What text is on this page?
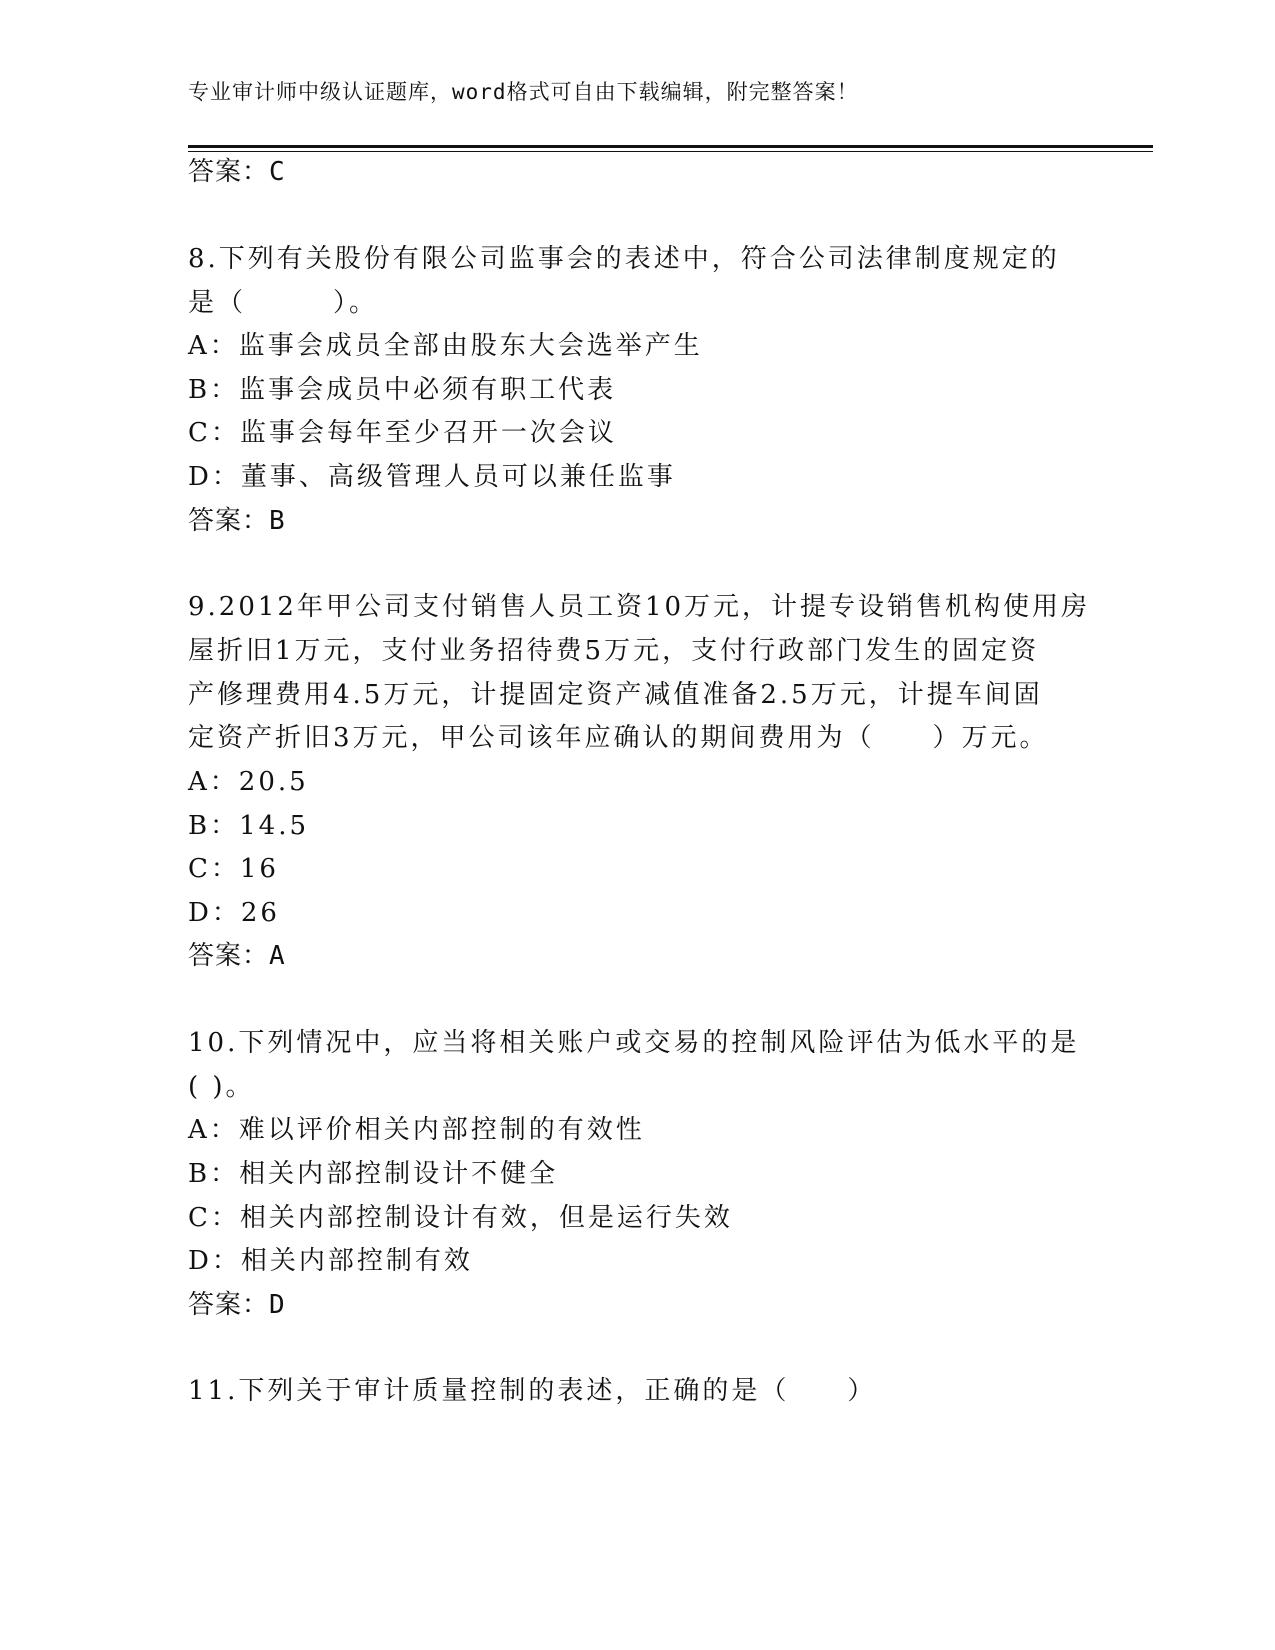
专业审计师中级认证题库，word格式可自由下载编辑，附完整答案！
答案：C
8.下列有关股份有限公司监事会的表述中，符合公司法律制度规定的
是（　　　）。
A：监事会成员全部由股东大会选举产生
B：监事会成员中必须有职工代表
C：监事会每年至少召开一次会议
D：董事、高级管理人员可以兼任监事
答案：B
9.2012年甲公司支付销售人员工资10万元，计提专设销售机构使用房
屋折旧1万元，支付业务招待费5万元，支付行政部门发生的固定资
产修理费用4.5万元，计提固定资产减值准备2.5万元，计提车间固
定资产折旧3万元，甲公司该年应确认的期间费用为（　　）万元。
A：20.5
B：14.5
C：16
D：26
答案：A
10.下列情况中，应当将相关账户或交易的控制风险评估为低水平的是
( )。
A：难以评价相关内部控制的有效性
B：相关内部控制设计不健全
C：相关内部控制设计有效，但是运行失效
D：相关内部控制有效
答案：D
11.下列关于审计质量控制的表述，正确的是（　　）
